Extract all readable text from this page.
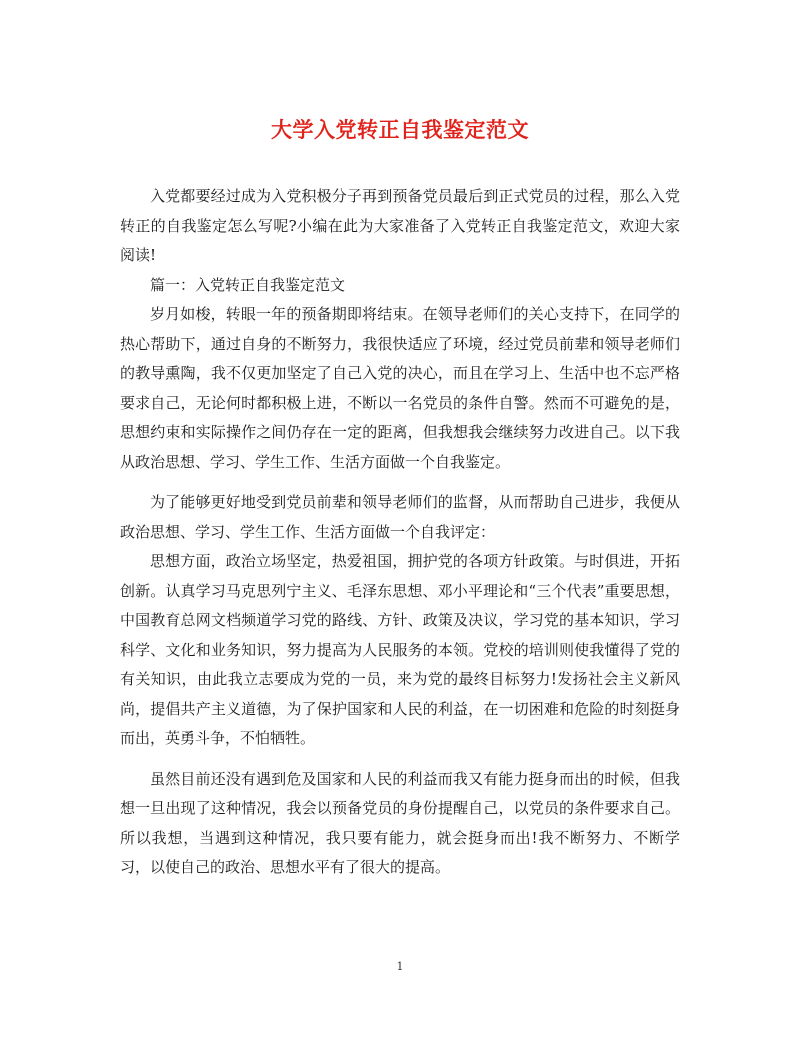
大学入党转正自我鉴定范文

入党都要经过成为入党积极分子再到预备党员最后到正式党员的过程，那么入党转正的自我鉴定怎么写呢?小编在此为大家准备了入党转正自我鉴定范文，欢迎大家阅读!

篇一：入党转正自我鉴定范文

岁月如梭，转眼一年的预备期即将结束。在领导老师们的关心支持下，在同学的热心帮助下，通过自身的不断努力，我很快适应了环境，经过党员前辈和领导老师们的教导熏陶，我不仅更加坚定了自己入党的决心，而且在学习上、生活中也不忘严格要求自己，无论何时都积极上进，不断以一名党员的条件自警。然而不可避免的是，思想约束和实际操作之间仍存在一定的距离，但我想我会继续努力改进自己。以下我从政治思想、学习、学生工作、生活方面做一个自我鉴定。

为了能够更好地受到党员前辈和领导老师们的监督，从而帮助自己进步，我便从政治思想、学习、学生工作、生活方面做一个自我评定：

思想方面，政治立场坚定，热爱祖国，拥护党的各项方针政策。与时俱进，开拓创新。认真学习马克思列宁主义、毛泽东思想、邓小平理论和“三个代表”重要思想，中国教育总网文档频道学习党的路线、方针、政策及决议，学习党的基本知识，学习科学、文化和业务知识，努力提高为人民服务的本领。党校的培训则使我懂得了党的有关知识，由此我立志要成为党的一员，来为党的最终目标努力!发扬社会主义新风尚，提倡共产主义道德，为了保护国家和人民的利益，在一切困难和危险的时刻挺身而出，英勇斗争，不怕牺牲。

虽然目前还没有遇到危及国家和人民的利益而我又有能力挺身而出的时候，但我想一旦出现了这种情况，我会以预备党员的身份提醒自己，以党员的条件要求自己。所以我想，当遇到这种情况，我只要有能力，就会挺身而出!我不断努力、不断学习，以使自己的政治、思想水平有了很大的提高。

1
